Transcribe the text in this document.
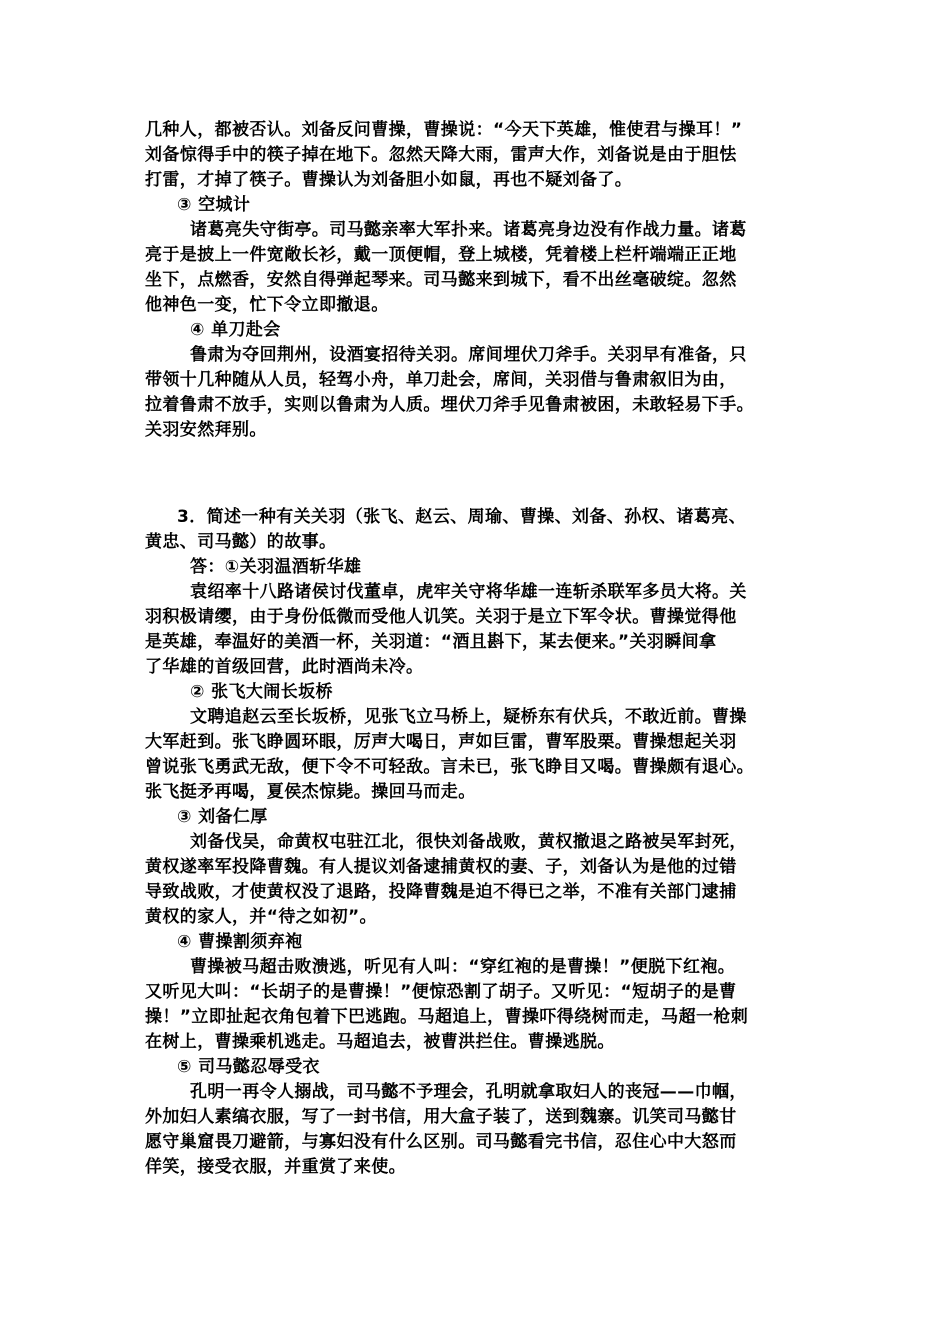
几种人，都被否认。刘备反问曹操，曹操说：“今天下英雄，惟使君与操耳！”
刘备惊得手中的筷子掉在地下。忽然天降大雨，雷声大作，刘备说是由于胆怯
打雷，才掉了筷子。曹操认为刘备胆小如鼠，再也不疑刘备了。
③ 空城计
诸葛亮失守街亭。司马懿亲率大军扑来。诸葛亮身边没有作战力量。诸葛
亮于是披上一件宽敞长衫，戴一顶便帽，登上城楼，凭着楼上栏杆端端正正地
坐下，点燃香，安然自得弹起琴来。司马懿来到城下，看不出丝毫破绽。忽然
他神色一变，忙下令立即撤退。
④ 单刀赴会
鲁肃为夺回荆州，设酒宴招待关羽。席间埋伏刀斧手。关羽早有准备，只
带领十几种随从人员，轻驾小舟，单刀赴会，席间，关羽借与鲁肃叙旧为由，
拉着鲁肃不放手，实则以鲁肃为人质。埋伏刀斧手见鲁肃被困，未敢轻易下手。
关羽安然拜别。
3．简述一种有关关羽（张飞、赵云、周瑜、曹操、刘备、孙权、诸葛亮、
黄忠、司马懿）的故事。
答：①关羽温酒斩华雄
袁绍率十八路诸侯讨伐董卓，虎牢关守将华雄一连斩杀联军多员大将。关
羽积极请缨，由于身份低微而受他人讥笑。关羽于是立下军令状。曹操觉得他
是英雄，奉温好的美酒一杯，关羽道：“酒且斟下，某去便来。”关羽瞬间拿
了华雄的首级回营，此时酒尚未冷。
② 张飞大闹长坂桥
文聘追赵云至长坂桥，见张飞立马桥上，疑桥东有伏兵，不敢近前。曹操
大军赶到。张飞睁圆环眼，厉声大喝日，声如巨雷，曹军股栗。曹操想起关羽
曾说张飞勇武无敌，便下令不可轻敌。言未已，张飞睁目又喝。曹操颇有退心。
张飞挺矛再喝，夏侯杰惊毙。操回马而走。
③ 刘备仁厚
刘备伐吴，命黄权屯驻江北，很快刘备战败，黄权撤退之路被吴军封死，
黄权遂率军投降曹魏。有人提议刘备逮捕黄权的妻、子，刘备认为是他的过错
导致战败，才使黄权没了退路，投降曹魏是迫不得已之举，不准有关部门逮捕
黄权的家人，并“待之如初”。
④ 曹操割须弃袍
曹操被马超击败溃逃，听见有人叫：“穿红袍的是曹操！”便脱下红袍。
又听见大叫：“长胡子的是曹操！”便惊恐割了胡子。又听见：“短胡子的是曹
操！”立即扯起衣角包着下巴逃跑。马超追上，曹操吓得绕树而走，马超一枪刺
在树上，曹操乘机逃走。马超追去，被曹洪拦住。曹操逃脱。
⑤ 司马懿忍辱受衣
孔明一再令人搦战，司马懿不予理会，孔明就拿取妇人的丧冠——巾帼，
外加妇人素缟衣服，写了一封书信，用大盒子装了，送到魏寨。讥笑司马懿甘
愿守巢窟畏刀避箭，与寡妇没有什么区别。司马懿看完书信，忍住心中大怒而
佯笑，接受衣服，并重赏了来使。
